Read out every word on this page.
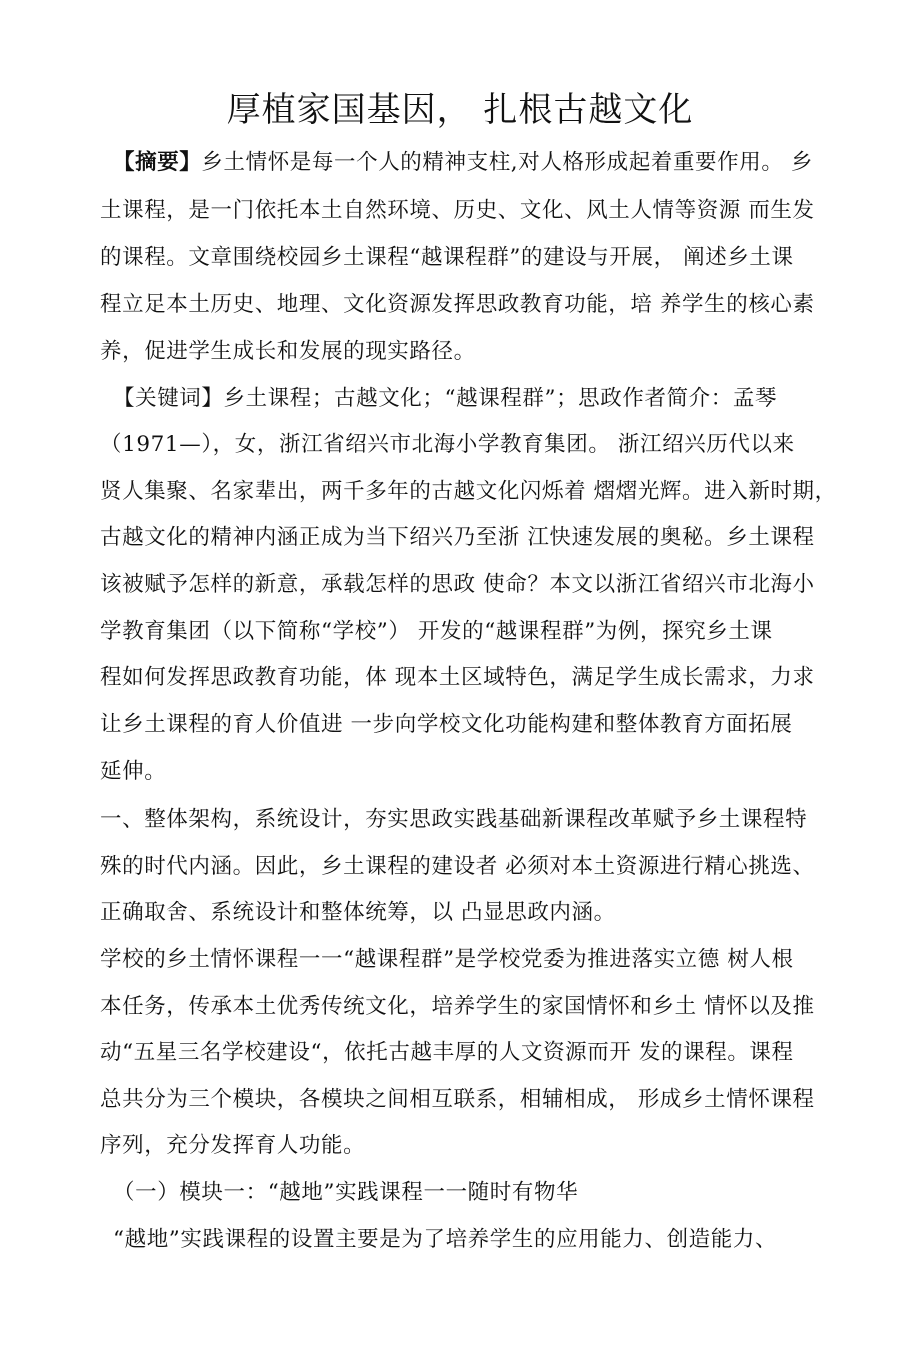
厚植家国基因， 扎根古越文化
【摘要】乡土情怀是每一个人的精神支柱,对人格形成起着重要作用。 乡
土课程，是一门依托本土自然环境、历史、文化、风土人情等资源 而生发
的课程。文章围绕校园乡土课程“越课程群”的建设与开展， 阐述乡土课
程立足本土历史、地理、文化资源发挥思政教育功能，培 养学生的核心素
养，促进学生成长和发展的现实路径。
【关键词】乡土课程；古越文化；“越课程群”；思政作者简介：孟琴
（1971—），女，浙江省绍兴市北海小学教育集团。 浙江绍兴历代以来
贤人集聚、名家辈出，两千多年的古越文化闪烁着 熠熠光辉。进入新时期，
古越文化的精神内涵正成为当下绍兴乃至浙 江快速发展的奥秘。乡土课程
该被赋予怎样的新意，承载怎样的思政 使命？本文以浙江省绍兴市北海小
学教育集团（以下简称“学校”） 开发的“越课程群”为例，探究乡土课
程如何发挥思政教育功能，体 现本土区域特色，满足学生成长需求，力求
让乡土课程的育人价值进 一步向学校文化功能构建和整体教育方面拓展
延伸。
一、整体架构，系统设计，夯实思政实践基础新课程改革赋予乡土课程特
殊的时代内涵。因此，乡土课程的建设者 必须对本土资源进行精心挑选、
正确取舍、系统设计和整体统筹，以 凸显思政内涵。
学校的乡土情怀课程一一“越课程群”是学校党委为推进落实立德 树人根
本任务，传承本土优秀传统文化，培养学生的家国情怀和乡土 情怀以及推
动“五星三名学校建设“，依托古越丰厚的人文资源而开 发的课程。课程
总共分为三个模块，各模块之间相互联系，相辅相成， 形成乡土情怀课程
序列，充分发挥育人功能。
（一）模块一：“越地”实践课程一一随时有物华
“越地”实践课程的设置主要是为了培养学生的应用能力、创造能力、
